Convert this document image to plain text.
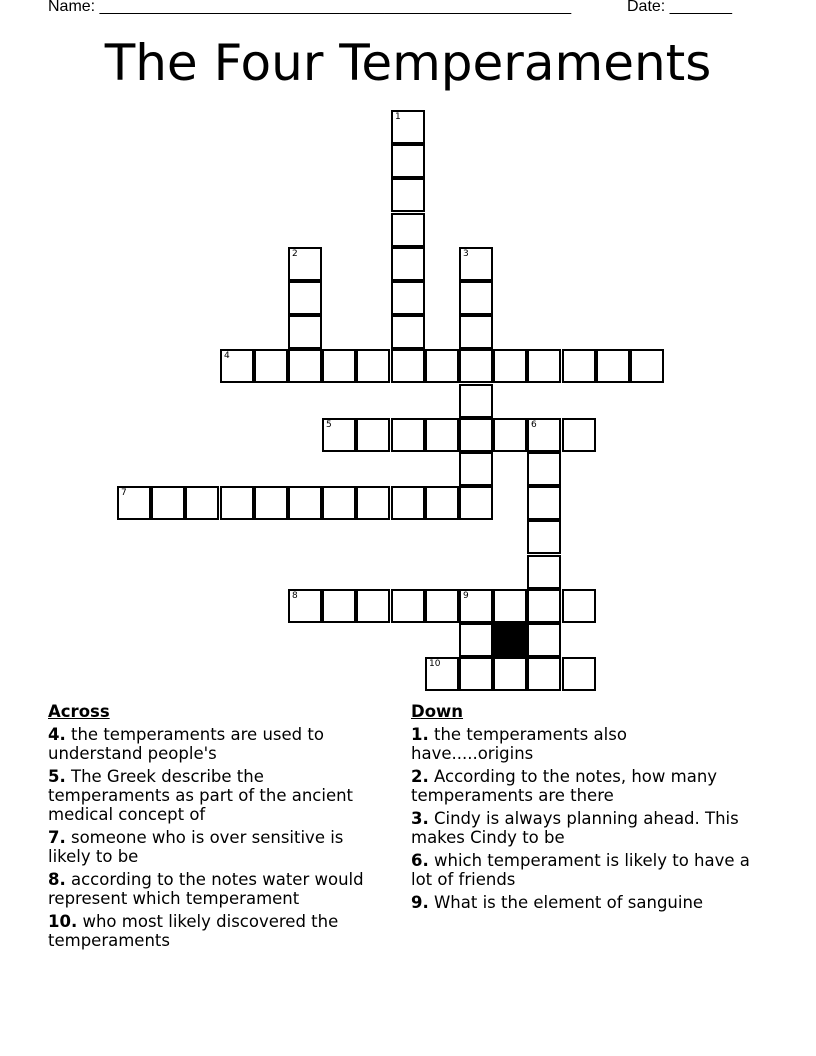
Name: _____________________________________________________	Date: _______
The Four Temperaments
1
2	3
4
5	6
7
8	9
10
Across
4. the temperaments are used to understand people's
5. The Greek describe the temperaments as part of the ancient medical concept of
7. someone who is over sensitive is likely to be
8. according to the notes water would represent which temperament
10. who most likely discovered the temperaments
Down
1. the temperaments also have.....origins
2. According to the notes, how many temperaments are there
3. Cindy is always planning ahead. This makes Cindy to be
6. which temperament is likely to have a lot of friends
9. What is the element of sanguine
